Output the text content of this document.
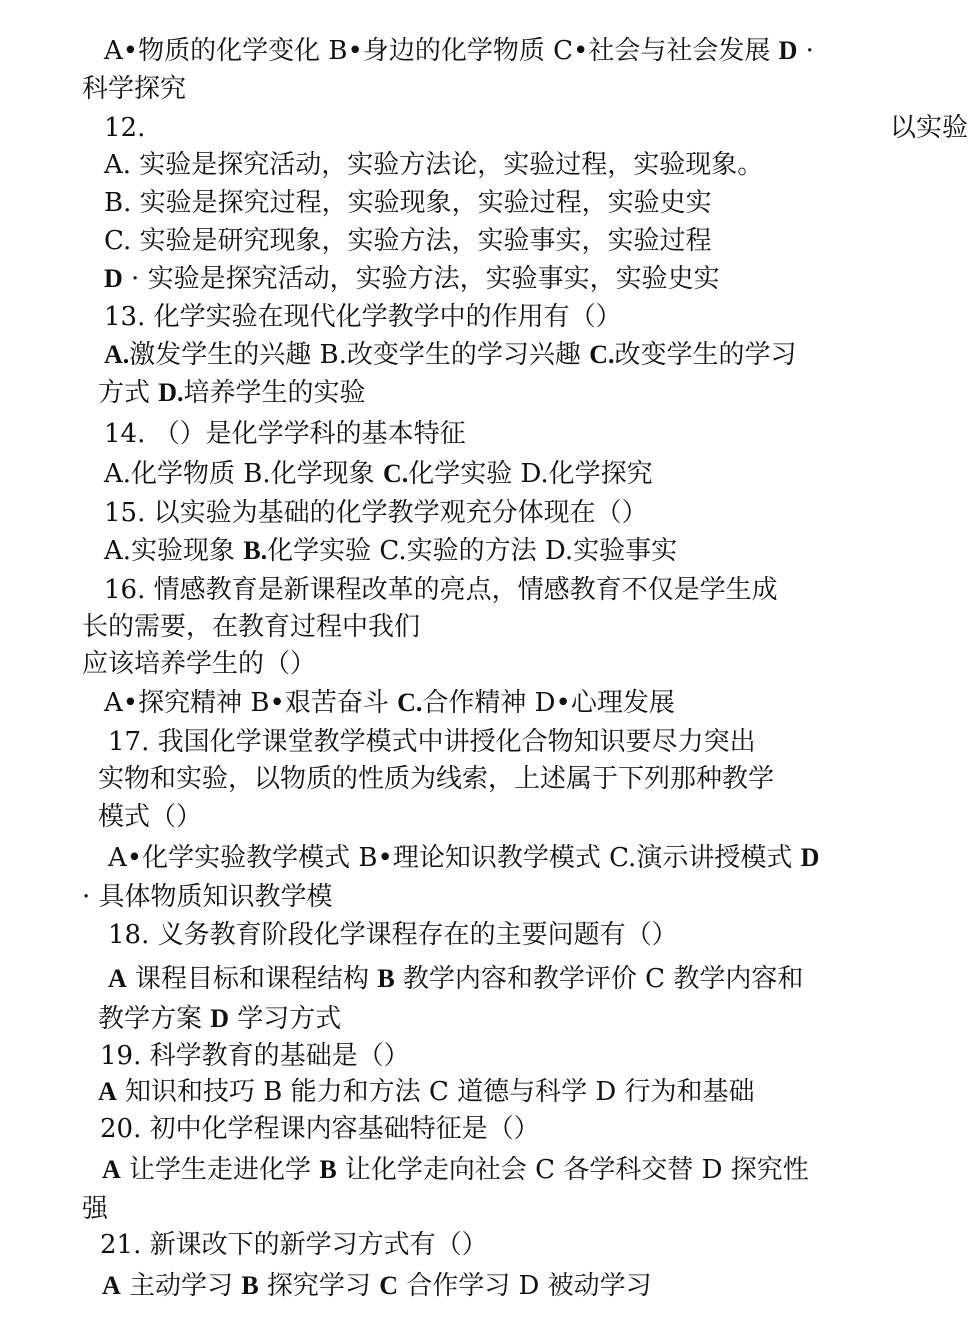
A•物质的化学变化 B•身边的化学物质 C•社会与社会发展 D ·
科学探究
12.	以实验
A. 实验是探究活动，实验方法论，实验过程，实验现象。
B. 实验是探究过程，实验现象，实验过程，实验史实
C. 实验是研究现象，实验方法，实验事实，实验过程
D · 实验是探究活动，实验方法，实验事实，实验史实
13. 化学实验在现代化学教学中的作用有（）
A.激发学生的兴趣 B.改变学生的学习兴趣 C.改变学生的学习
方式 D.培养学生的实验
14. （）是化学学科的基本特征
A.化学物质 B.化学现象 C.化学实验 D.化学探究
15. 以实验为基础的化学教学观充分体现在（）
A.实验现象 B.化学实验 C.实验的方法 D.实验事实
16. 情感教育是新课程改革的亮点，情感教育不仅是学生成
长的需要，在教育过程中我们
应该培养学生的（）
A•探究精神 B•艰苦奋斗 C.合作精神 D•心理发展
17. 我国化学课堂教学模式中讲授化合物知识要尽力突出
实物和实验，以物质的性质为线索，上述属于下列那种教学
模式（）
A•化学实验教学模式 B•理论知识教学模式 C.演示讲授模式 D
· 具体物质知识教学模
18. 义务教育阶段化学课程存在的主要问题有（）
A 课程目标和课程结构 B 教学内容和教学评价 C 教学内容和
教学方案 D 学习方式
19. 科学教育的基础是（）
A 知识和技巧 B 能力和方法 C 道德与科学 D 行为和基础
20. 初中化学程课内容基础特征是（）
A 让学生走进化学 B 让化学走向社会 C 各学科交替 D 探究性
强
21. 新课改下的新学习方式有（）
A 主动学习 B 探究学习 C 合作学习 D 被动学习
